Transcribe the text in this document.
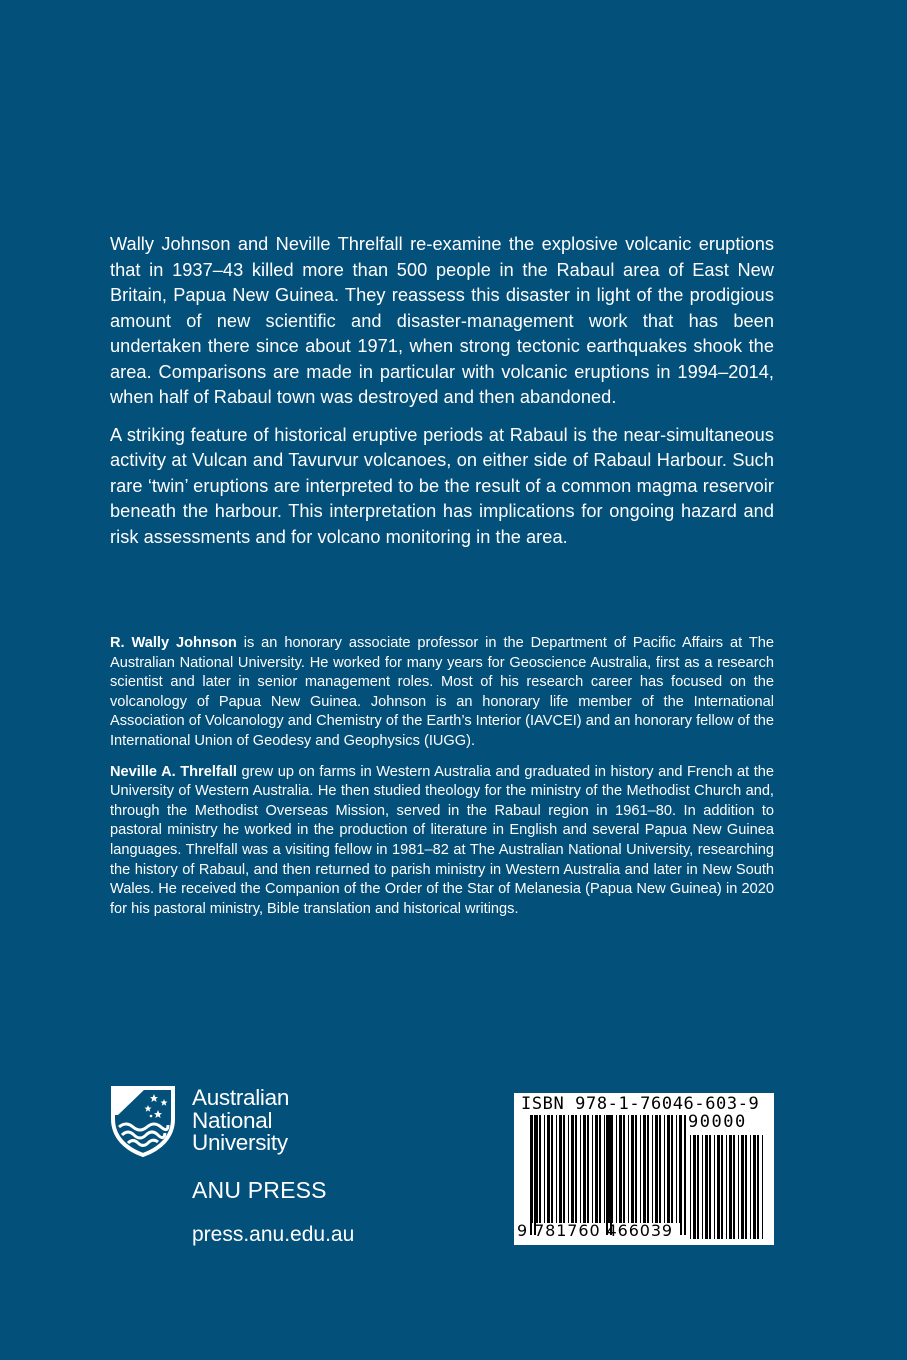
Wally Johnson and Neville Threlfall re-examine the explosive volcanic eruptions that in 1937–43 killed more than 500 people in the Rabaul area of East New Britain, Papua New Guinea. They reassess this disaster in light of the prodigious amount of new scientific and disaster-management work that has been undertaken there since about 1971, when strong tectonic earthquakes shook the area. Comparisons are made in particular with volcanic eruptions in 1994–2014, when half of Rabaul town was destroyed and then abandoned.

A striking feature of historical eruptive periods at Rabaul is the near-simultaneous activity at Vulcan and Tavurvur volcanoes, on either side of Rabaul Harbour. Such rare ‘twin’ eruptions are interpreted to be the result of a common magma reservoir beneath the harbour. This interpretation has implications for ongoing hazard and risk assessments and for volcano monitoring in the area.

R. Wally Johnson is an honorary associate professor in the Department of Pacific Affairs at The Australian National University. He worked for many years for Geoscience Australia, first as a research scientist and later in senior management roles. Most of his research career has focused on the volcanology of Papua New Guinea. Johnson is an honorary life member of the International Association of Volcanology and Chemistry of the Earth’s Interior (IAVCEI) and an honorary fellow of the International Union of Geodesy and Geophysics (IUGG).

Neville A. Threlfall grew up on farms in Western Australia and graduated in history and French at the University of Western Australia. He then studied theology for the ministry of the Methodist Church and, through the Methodist Overseas Mission, served in the Rabaul region in 1961–80. In addition to pastoral ministry he worked in the production of literature in English and several Papua New Guinea languages. Threlfall was a visiting fellow in 1981–82 at The Australian National University, researching the history of Rabaul, and then returned to parish ministry in Western Australia and later in New South Wales. He received the Companion of the Order of the Star of Melanesia (Papua New Guinea) in 2020 for his pastoral ministry, Bible translation and historical writings.

Australian
National
University
ANU PRESS
press.anu.edu.au
ISBN 978-1-76046-603-9
90000
9 781760 466039
